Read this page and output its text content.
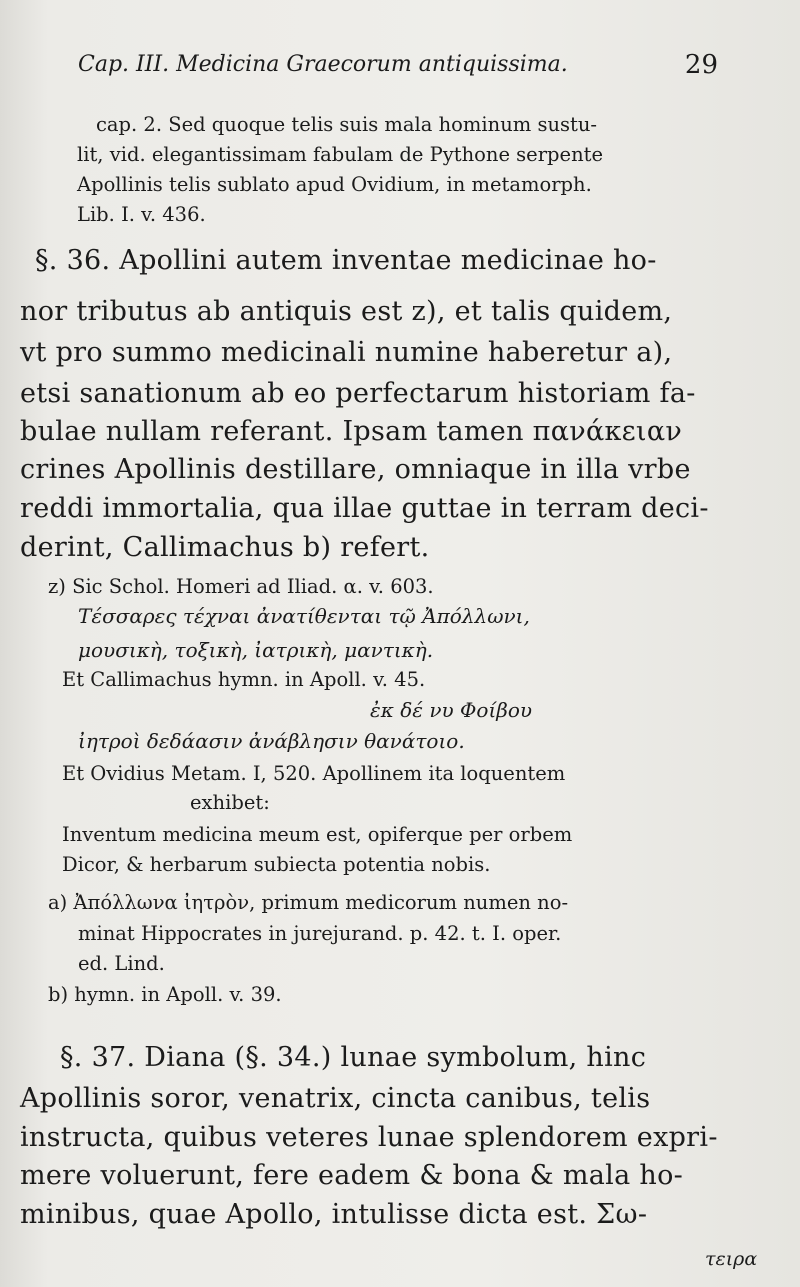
Cap. III. Medicina Graecorum antiquissima.	29
cap. 2. Sed quoque telis suis mala hominum sustu-
lit, vid. elegantissimam fabulam de Pythone serpente
Apollinis telis sublato apud Ovidium, in metamorph.
Lib. I. v. 436.
§. 36. Apollini autem inventae medicinae ho-
nor tributus ab antiquis est z), et talis quidem,
vt pro summo medicinali numine haberetur a),
etsi sanationum ab eo perfectarum historiam fa-
bulae nullam referant. Ipsam tamen πανάκειαν
crines Apollinis destillare, omniaque in illa vrbe
reddi immortalia, qua illae guttae in terram deci-
derint, Callimachus b) refert.
z) Sic Schol. Homeri ad Iliad. α. v. 603.
Τέσσαρες τέχναι ἀνατίθενται τῷ Ἀπόλλωνι,
μουσικὴ, τοξικὴ, ἰατρικὴ, μαντικὴ.
Et Callimachus hymn. in Apoll. v. 45.
ἐκ δέ νυ Φοίβου
ἰητροὶ δεδάασιν ἀνάβλησιν θανάτοιο.
Et Ovidius Metam. I, 520. Apollinem ita loquentem
exhibet:
Inventum medicina meum est, opiferque per orbem
Dicor, & herbarum subiecta potentia nobis.
a) Ἀπόλλωνα ἰητρὸν, primum medicorum numen no-
minat Hippocrates in jurejurand. p. 42. t. I. oper.
ed. Lind.
b) hymn. in Apoll. v. 39.
§. 37. Diana (§. 34.) lunae symbolum, hinc
Apollinis soror, venatrix, cincta canibus, telis
instructa, quibus veteres lunae splendorem expri-
mere voluerunt, fere eadem & bona & mala ho-
minibus, quae Apollo, intulisse dicta est. Σω-
τειρα
